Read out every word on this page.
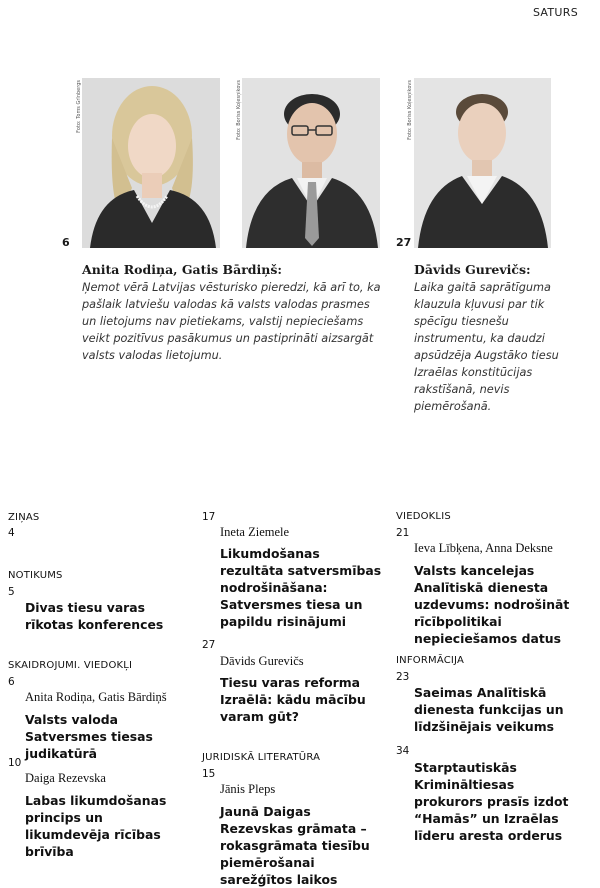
SATURS
Foto: Toms Grīnbergs	Foto: Boriss Koļesņikovs
6
Anita Rodiņa, Gatis Bārdiņš:
Ņemot vērā Latvijas vēsturisko pieredzi, kā arī to, ka pašlaik latviešu valodas kā valsts valodas prasmes un lietojums nav pietiekams, valstij nepieciešams veikt pozitīvus pasākumus un pastiprināti aizsargāt valsts valodas lietojumu.
Foto: Boriss Koļesņikovs
27
Dāvids Gurevičs:
Laika gaitā saprātīguma klauzula kļuvusi par tik spēcīgu tiesnešu instrumentu, ka daudzi apsūdzēja Augstāko tiesu Izraēlas konstitūcijas rakstīšanā, nevis piemērošanā.
ZIŅAS
4
NOTIKUMS
5
Divas tiesu varas rīkotas konferences
SKAIDROJUMI. VIEDOKĻI
6
Anita Rodiņa, Gatis Bārdiņš
Valsts valoda Satversmes tiesas judikatūrā
10
Daiga Rezevska
Labas likumdošanas princips un likumdevēja rīcības brīvība
17
Ineta Ziemele
Likumdošanas rezultāta satversmības nodrošināšana: Satversmes tiesa un papildu risinājumi
27
Dāvids Gurevičs
Tiesu varas reforma Izraēlā: kādu mācību varam gūt?
JURIDISKĀ LITERATŪRA
15
Jānis Pleps
Jaunā Daigas Rezevskas grāmata – rokasgrāmata tiesību piemērošanai sarežģītos laikos
VIEDOKLIS
21
Ieva Lībķena, Anna Deksne
Valsts kancelejas Analītiskā dienesta uzdevums: nodrošināt rīcībpolitikai nepieciešamos datus
INFORMĀCIJA
23
Saeimas Analītiskā dienesta funkcijas un līdzšinējais veikums
34
Starptautiskās Krimināltiesas prokurors prasīs izdot “Hamās” un Izraēlas līderu aresta orderus
